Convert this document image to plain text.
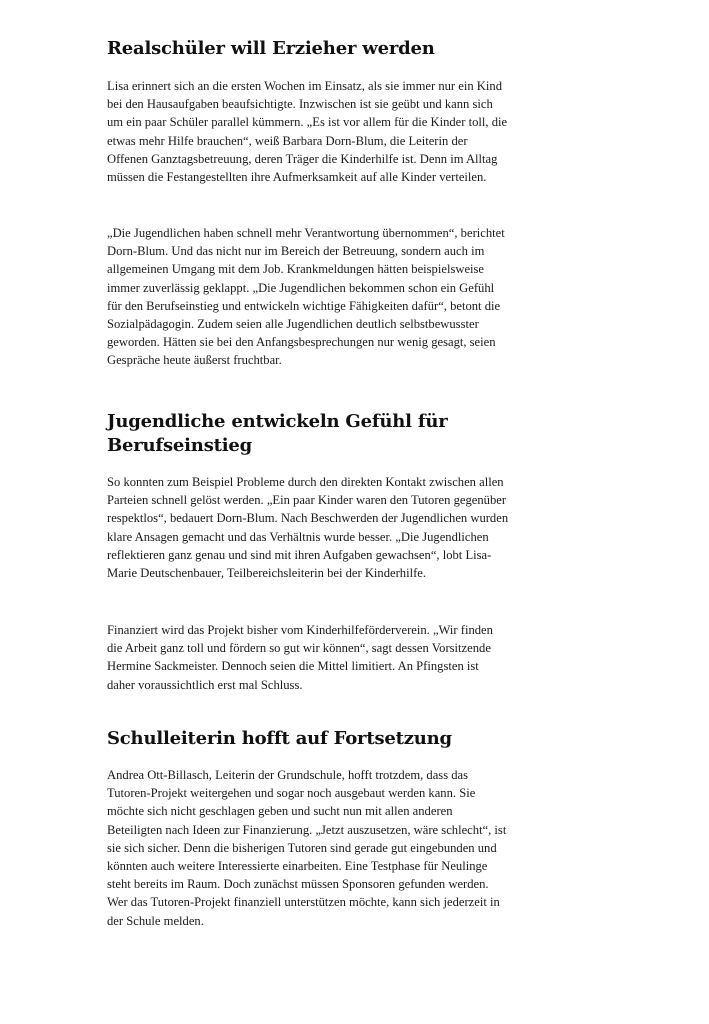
Realschüler will Erzieher werden

Lisa erinnert sich an die ersten Wochen im Einsatz, als sie immer nur ein Kind bei den Hausaufgaben beaufsichtigte. Inzwischen ist sie geübt und kann sich um ein paar Schüler parallel kümmern. „Es ist vor allem für die Kinder toll, die etwas mehr Hilfe brauchen“, weiß Barbara Dorn-Blum, die Leiterin der Offenen Ganztagsbetreuung, deren Träger die Kinderhilfe ist. Denn im Alltag müssen die Festangestellten ihre Aufmerksamkeit auf alle Kinder verteilen.

„Die Jugendlichen haben schnell mehr Verantwortung übernommen“, berichtet Dorn-Blum. Und das nicht nur im Bereich der Betreuung, sondern auch im allgemeinen Umgang mit dem Job. Krankmeldungen hätten beispielsweise immer zuverlässig geklappt. „Die Jugendlichen bekommen schon ein Gefühl für den Berufseinstieg und entwickeln wichtige Fähigkeiten dafür“, betont die Sozialpädagogin. Zudem seien alle Jugendlichen deutlich selbstbewusster geworden. Hätten sie bei den Anfangsbesprechungen nur wenig gesagt, seien Gespräche heute äußerst fruchtbar.

Jugendliche entwickeln Gefühl für Berufseinstieg

So konnten zum Beispiel Probleme durch den direkten Kontakt zwischen allen Parteien schnell gelöst werden. „Ein paar Kinder waren den Tutoren gegenüber respektlos“, bedauert Dorn-Blum. Nach Beschwerden der Jugendlichen wurden klare Ansagen gemacht und das Verhältnis wurde besser. „Die Jugendlichen reflektieren ganz genau und sind mit ihren Aufgaben gewachsen“, lobt Lisa-Marie Deutschenbauer, Teilbereichsleiterin bei der Kinderhilfe.

Finanziert wird das Projekt bisher vom Kinderhilfeförderverein. „Wir finden die Arbeit ganz toll und fördern so gut wir können“, sagt dessen Vorsitzende Hermine Sackmeister. Dennoch seien die Mittel limitiert. An Pfingsten ist daher voraussichtlich erst mal Schluss.

Schulleiterin hofft auf Fortsetzung

Andrea Ott-Billasch, Leiterin der Grundschule, hofft trotzdem, dass das Tutoren-Projekt weitergehen und sogar noch ausgebaut werden kann. Sie möchte sich nicht geschlagen geben und sucht nun mit allen anderen Beteiligten nach Ideen zur Finanzierung. „Jetzt auszusetzen, wäre schlecht“, ist sie sich sicher. Denn die bisherigen Tutoren sind gerade gut eingebunden und könnten auch weitere Interessierte einarbeiten. Eine Testphase für Neulinge steht bereits im Raum. Doch zunächst müssen Sponsoren gefunden werden. Wer das Tutoren-Projekt finanziell unterstützen möchte, kann sich jederzeit in der Schule melden.
